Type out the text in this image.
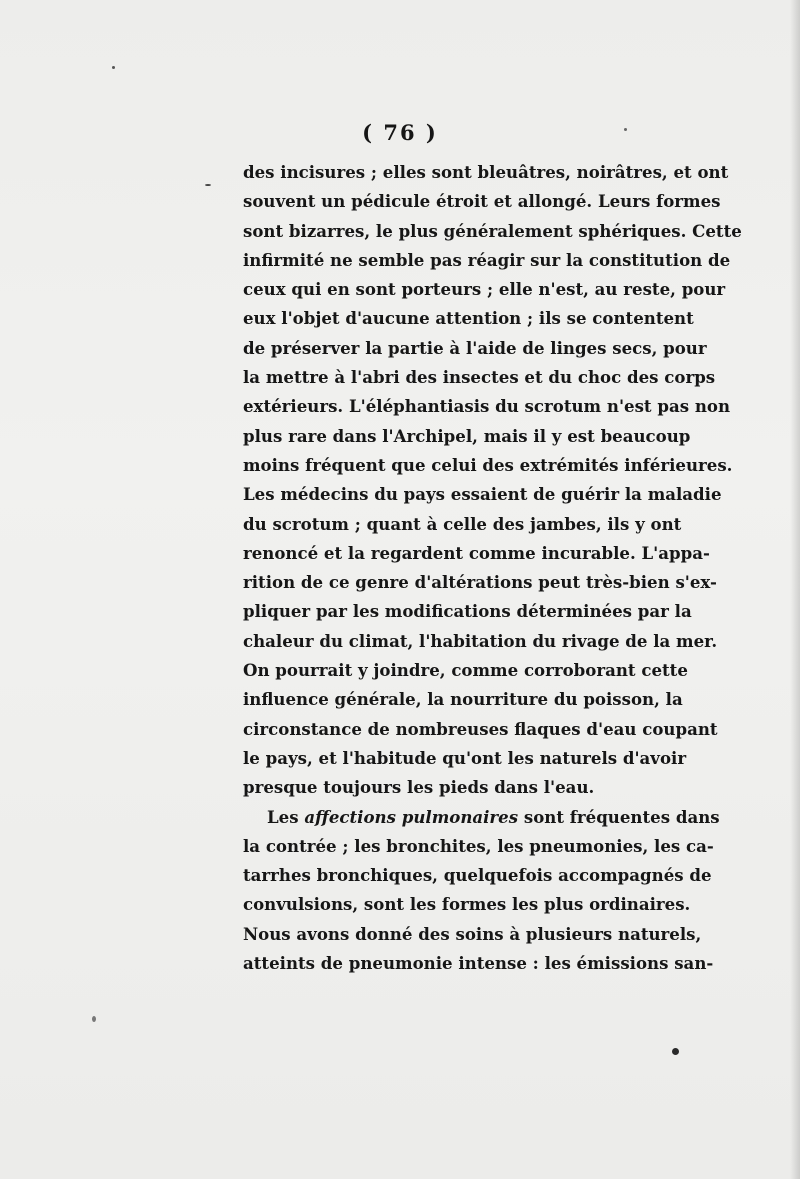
( 76 )
des incisures ; elles sont bleuâtres, noirâtres, et ont
souvent un pédicule étroit et allongé. Leurs formes
sont bizarres, le plus généralement sphériques. Cette
infirmité ne semble pas réagir sur la constitution de
ceux qui en sont porteurs ; elle n'est, au reste, pour
eux l'objet d'aucune attention ; ils se contentent
de préserver la partie à l'aide de linges secs, pour
la mettre à l'abri des insectes et du choc des corps
extérieurs. L'éléphantiasis du scrotum n'est pas non
plus rare dans l'Archipel, mais il y est beaucoup
moins fréquent que celui des extrémités inférieures.
Les médecins du pays essaient de guérir la maladie
du scrotum ; quant à celle des jambes, ils y ont
renoncé et la regardent comme incurable. L'appa-
rition de ce genre d'altérations peut très-bien s'ex-
pliquer par les modifications déterminées par la
chaleur du climat, l'habitation du rivage de la mer.
On pourrait y joindre, comme corroborant cette
influence générale, la nourriture du poisson, la
circonstance de nombreuses flaques d'eau coupant
le pays, et l'habitude qu'ont les naturels d'avoir
presque toujours les pieds dans l'eau.
Les affections pulmonaires sont fréquentes dans
la contrée ; les bronchites, les pneumonies, les ca-
tarrhes bronchiques, quelquefois accompagnés de
convulsions, sont les formes les plus ordinaires.
Nous avons donné des soins à plusieurs naturels,
atteints de pneumonie intense : les émissions san-
